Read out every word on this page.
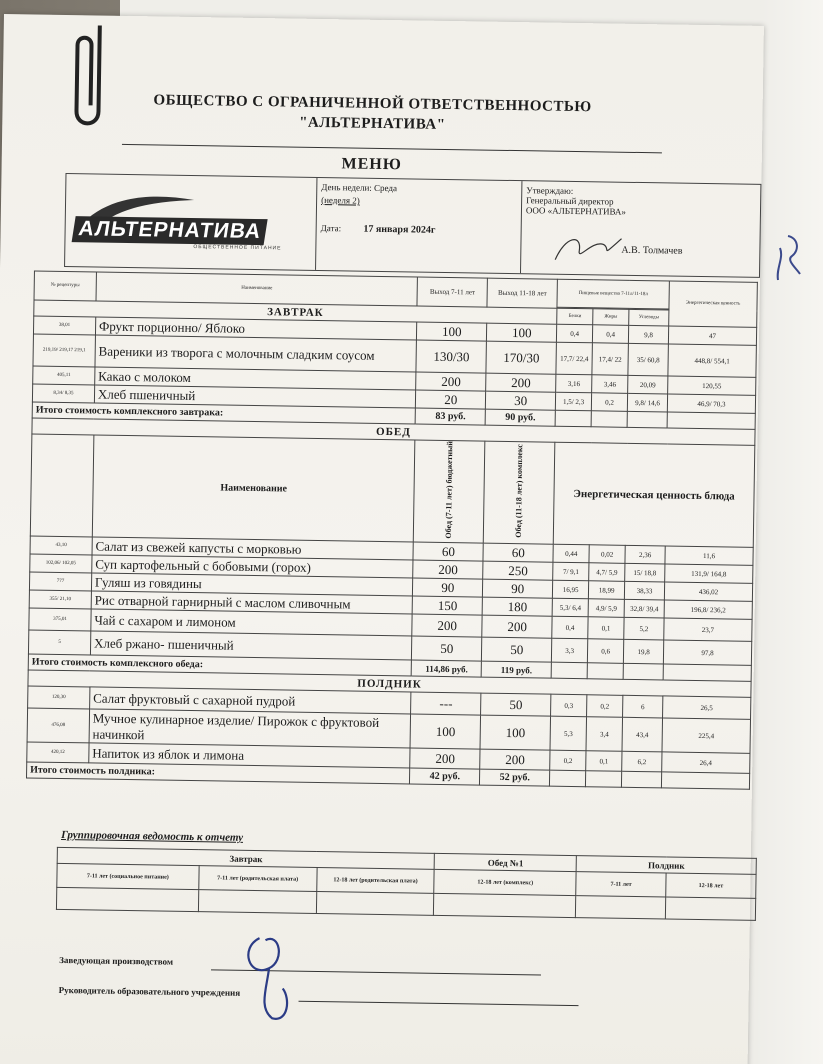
ОБЩЕСТВО С ОГРАНИЧЕННОЙ ОТВЕТСТВЕННОСТЬЮ
"АЛЬТЕРНАТИВА"
МЕНЮ
АЛЬТЕРНАТИВА
ОБЩЕСТВЕННОЕ ПИТАНИЕ
День недели: Среда
(неделя 2)
Дата: 17 января 2024г
Утверждаю:
Генеральный директор
ООО «АЛЬТЕРНАТИВА»
А.В. Толмачев
№ рецептуры	Наименование	Выход 7-11 лет	Выход 11-18 лет	Пищевые вещества 7-11л/11-18л			Энергетическая ценность

ЗАВТРАК				Белки	Жиры	Углеводы	
38,01	Фрукт порционно/ Яблоко	100	100	0,4	0,4	9,8	47
219,19/ 219,17 219,1	Вареники из творога с молочным сладким соусом	130/30	170/30	17,7/ 22,4	17,4/ 22	35/ 60,8	448,8/ 554,1
405,11	Какао с молоком	200	200	3,16	3,46	20,09	120,55
8,34/ 8,35	Хлеб пшеничный	20	30	1,5/ 2,3	0,2	9,8/ 14,6	46,9/ 70,3
Итого стоимость комплексного завтрака:		83 руб.	90 руб.				
ОБЕД							
	Наименование	Обед (7-11 лет) бюджетный	Обед (11-18 лет) комплекс	Энергетическая ценность блюда			
43,10	Салат из свежей капусты с морковью	60	60	0,44	0,02	2,36	11,6
102,06/ 102,05	Суп картофельный с бобовыми (горох)	200	250	7/ 9,1	4,7/ 5,9	15/ 18,8	131,9/ 164,8
777	Гуляш из говядины	90	90	16,95	18,99	38,33	436,02
355/ 21,10	Рис отварной гарнирный с маслом сливочным	150	180	5,3/ 6,4	4,9/ 5,9	32,8/ 39,4	196,8/ 236,2
375,01	Чай с сахаром и лимоном	200	200	0,4	0,1	5,2	23,7
5	Хлеб ржано- пшеничный	50	50	3,3	0,6	19,8	97,8
Итого стоимость комплексного обеда:		114,86 руб.	119 руб.				
ПОЛДНИК							
120,30	Салат фруктовый с сахарной пудрой	---	50	0,3	0,2	6	26,5
476,08	Мучное кулинарное изделие/ Пирожок с фруктовой начинкой	100	100	5,3	3,4	43,4	225,4
420,12	Напиток из яблок и лимона	200	200	0,2	0,1	6,2	26,4
Итого стоимость полдника:		42 руб.	52 руб.				
Группировочная ведомость к отчету
Завтрак			Обед №1	Полдник	
7-11 лет (социальное питание)	7-11 лет (родительская плата)	12-18 лет (родительская плата)	12-18 лет (комплекс)	7-11 лет	12-18 лет

Заведующая производством
Руководитель образовательного учреждения
